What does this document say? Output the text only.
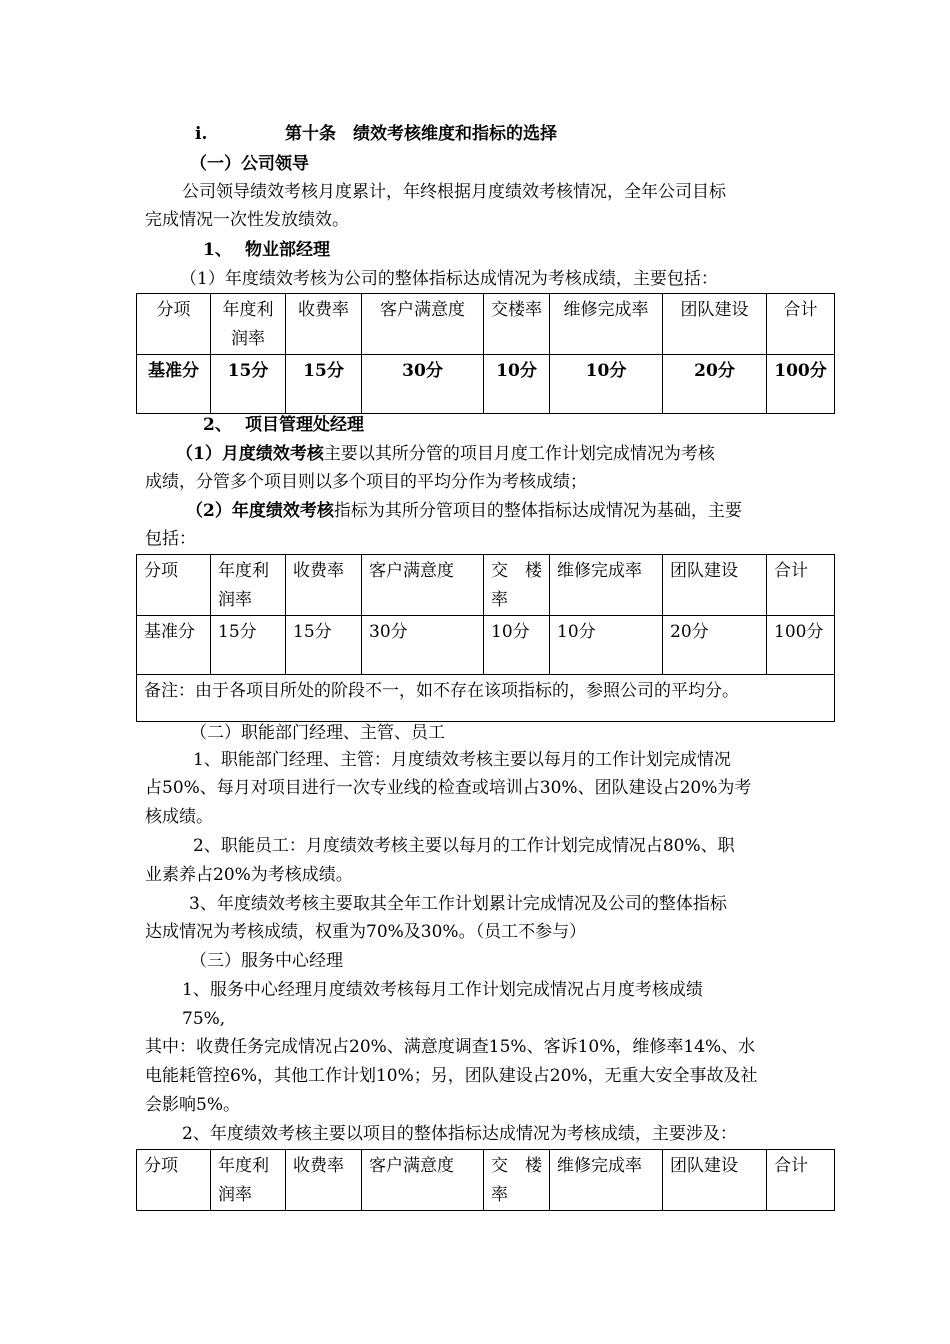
i.	第十条　绩效考核维度和指标的选择
（一）公司领导
公司领导绩效考核月度累计，年终根据月度绩效考核情况，全年公司目标
完成情况一次性发放绩效。
1、 物业部经理
（1）年度绩效考核为公司的整体指标达成情况为考核成绩，主要包括：
分项	年度利润率	收费率	客户满意度	交楼率	维修完成率	团队建设	合计
基准分	15分	15分	30分	10分	10分	20分	100分
2、 项目管理处经理
（1）月度绩效考核主要以其所分管的项目月度工作计划完成情况为考核
成绩，分管多个项目则以多个项目的平均分作为考核成绩；
（2）年度绩效考核指标为其所分管项目的整体指标达成情况为基础，主要
包括：
分项	年度利润率	收费率	客户满意度	交　楼率	维修完成率	团队建设	合计
基准分	15分	15分	30分	10分	10分	20分	100分
备注：由于各项目所处的阶段不一，如不存在该项指标的，参照公司的平均分。							
（二）职能部门经理、主管、员工
1、职能部门经理、主管：月度绩效考核主要以每月的工作计划完成情况
占50%、每月对项目进行一次专业线的检查或培训占30%、团队建设占20%为考
核成绩。
2、职能员工：月度绩效考核主要以每月的工作计划完成情况占80%、职
业素养占20%为考核成绩。
3、年度绩效考核主要取其全年工作计划累计完成情况及公司的整体指标
达成情况为考核成绩，权重为70%及30%。（员工不参与）
（三）服务中心经理
1、服务中心经理月度绩效考核每月工作计划完成情况占月度考核成绩
75%,
其中：收费任务完成情况占20%、满意度调查15%、客诉10%，维修率14%、水
电能耗管控6%，其他工作计划10%；另，团队建设占20%，无重大安全事故及社
会影响5%。
2、年度绩效考核主要以项目的整体指标达成情况为考核成绩，主要涉及：
分项	年度利润率	收费率	客户满意度	交　楼率	维修完成率	团队建设	合计
